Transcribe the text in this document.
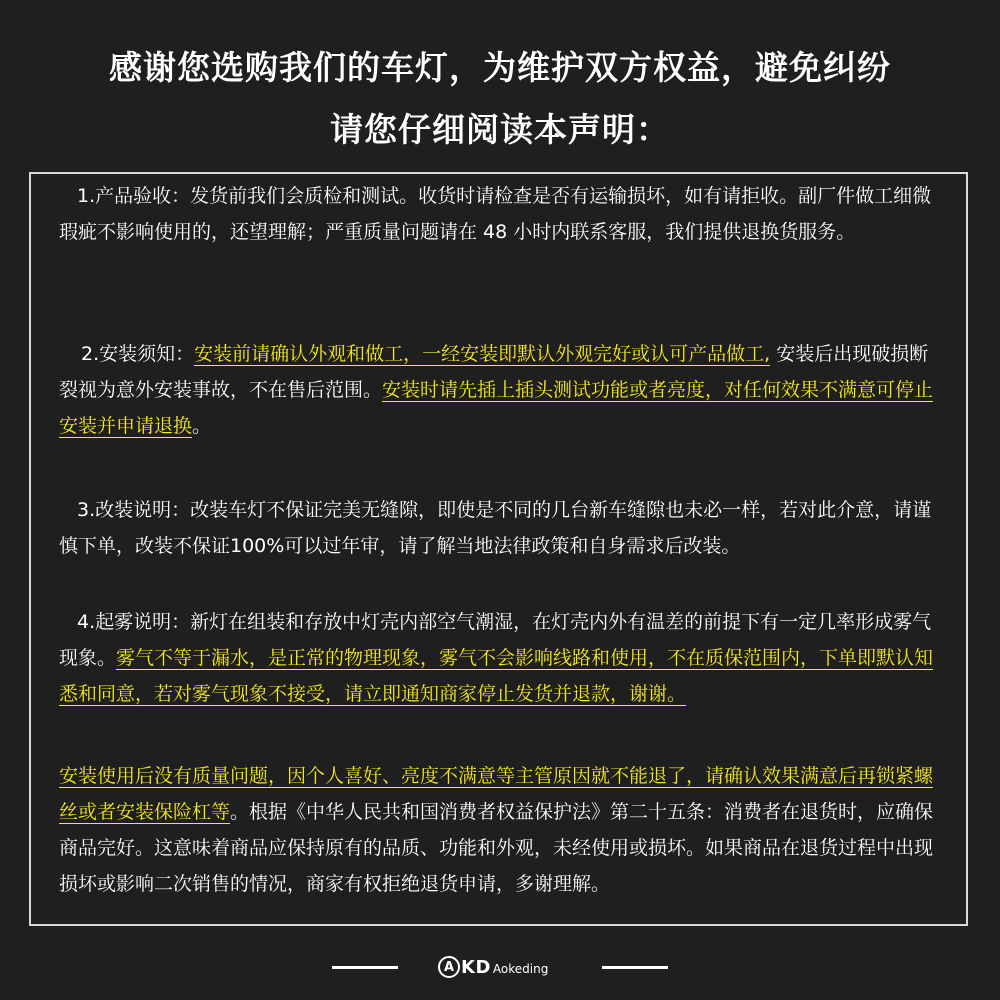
感谢您选购我们的车灯，为维护双方权益，避免纠纷
请您仔细阅读本声明：
1.产品验收：发货前我们会质检和测试。收货时请检查是否有运输损坏，如有请拒收。副厂件做工细微瑕疵不影响使用的，还望理解；严重质量问题请在 48 小时内联系客服，我们提供退换货服务。
2.安装须知：安装前请确认外观和做工，一经安装即默认外观完好或认可产品做工, 安装后出现破损断裂视为意外安装事故，不在售后范围。安装时请先插上插头测试功能或者亮度，对任何效果不满意可停止安装并申请退换。
3.改装说明：改装车灯不保证完美无缝隙，即使是不同的几台新车缝隙也未必一样，若对此介意，请谨慎下单，改装不保证100%可以过年审，请了解当地法律政策和自身需求后改装。
4.起雾说明：新灯在组装和存放中灯壳内部空气潮湿，在灯壳内外有温差的前提下有一定几率形成雾气现象。雾气不等于漏水，是正常的物理现象，雾气不会影响线路和使用，不在质保范围内，下单即默认知悉和同意，若对雾气现象不接受，请立即通知商家停止发货并退款，谢谢。
安装使用后没有质量问题，因个人喜好、亮度不满意等主管原因就不能退了，请确认效果满意后再锁紧螺丝或者安装保险杠等。根据《中华人民共和国消费者权益保护法》第二十五条：消费者在退货时，应确保商品完好。这意味着商品应保持原有的品质、功能和外观，未经使用或损坏。如果商品在退货过程中出现损坏或影响二次销售的情况，商家有权拒绝退货申请，多谢理解。
A KD Aokeding
